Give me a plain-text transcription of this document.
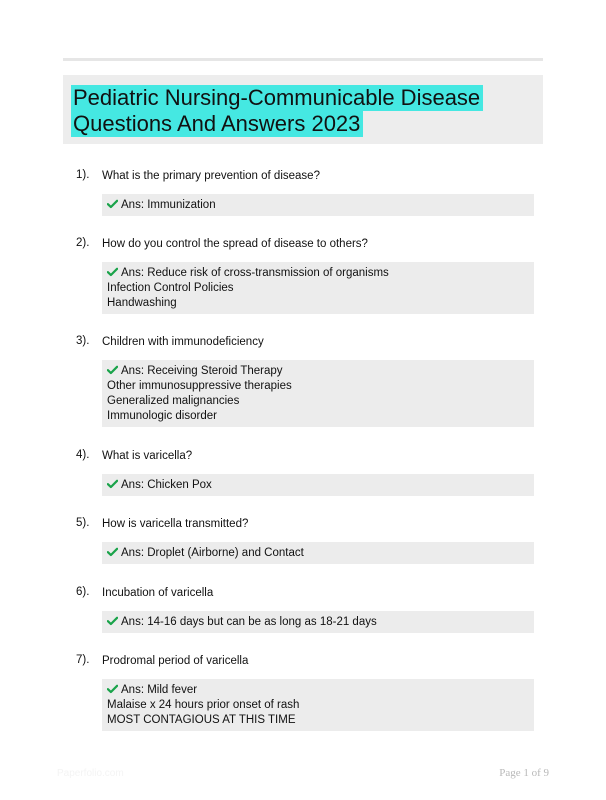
Pediatric Nursing-Communicable Disease
Questions And Answers 2023
1). What is the primary prevention of disease?
Ans: Immunization
2). How do you control the spread of disease to others?
Ans: Reduce risk of cross-transmission of organisms
Infection Control Policies
Handwashing
3). Children with immunodeficiency
Ans: Receiving Steroid Therapy
Other immunosuppressive therapies
Generalized malignancies
Immunologic disorder
4). What is varicella?
Ans: Chicken Pox
5). How is varicella transmitted?
Ans: Droplet (Airborne) and Contact
6). Incubation of varicella
Ans: 14-16 days but can be as long as 18-21 days
7). Prodromal period of varicella
Ans: Mild fever
Malaise x 24 hours prior onset of rash
MOST CONTAGIOUS AT THIS TIME
Paperfolio.com	Page 1 of 9
